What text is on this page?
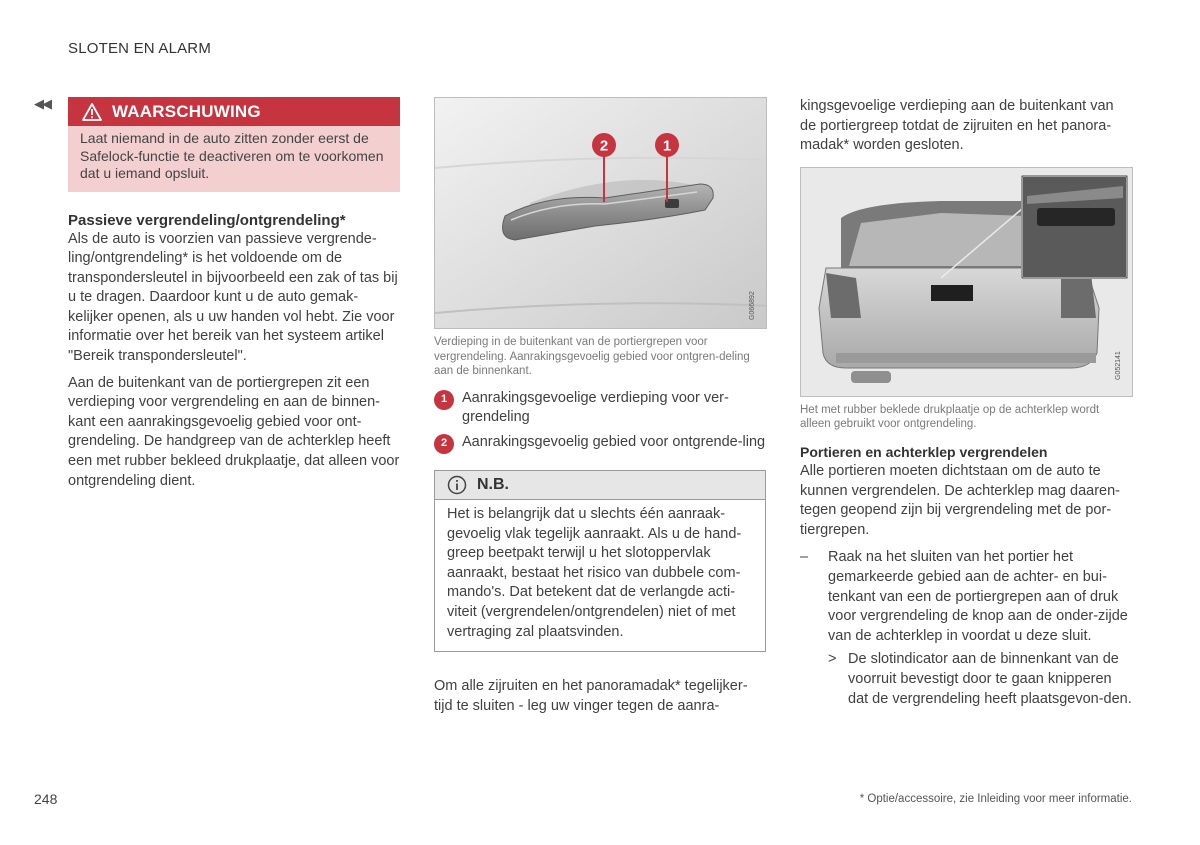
SLOTEN EN ALARM
◀◀	WAARSCHUWING
Laat niemand in de auto zitten zonder eerst de Safelock-functie te deactiveren om te voorkomen dat u iemand opsluit.
Passieve vergrendeling/ontgrendeling*

Als de auto is voorzien van passieve vergrende-ling/ontgrendeling* is het voldoende om de transpondersleutel in bijvoorbeeld een zak of tas bij u te dragen. Daardoor kunt u de auto gemak-kelijker openen, als u uw handen vol hebt. Zie voor informatie over het bereik van het systeem artikel "Bereik transpondersleutel".

Aan de buitenkant van de portiergrepen zit een verdieping voor vergrendeling en aan de binnen-kant een aanrakingsgevoelig gebied voor ont-grendeling. De handgreep van de achterklep heeft een met rubber bekleed drukplaatje, dat alleen voor ontgrendeling dient.

2	1
G066892
Verdieping in de buitenkant van de portiergrepen voor vergrendeling. Aanrakingsgevoelig gebied voor ontgren-deling aan de binnenkant.
1	Aanrakingsgevoelige verdieping voor ver-grendeling
2	Aanrakingsgevoelig gebied voor ontgrende-ling
N.B.
Het is belangrijk dat u slechts één aanraak-gevoelig vlak tegelijk aanraakt. Als u de hand-greep beetpakt terwijl u het slotoppervlak aanraakt, bestaat het risico van dubbele com-mando's. Dat betekent dat de verlangde acti-viteit (vergrendelen/ontgrendelen) niet of met vertraging zal plaatsvinden.

Om alle zijruiten en het panoramadak* tegelijker-tijd te sluiten - leg uw vinger tegen de aanra-

kingsgevoelige verdieping aan de buitenkant van de portiergreep totdat de zijruiten en het panora-madak* worden gesloten.

G052141
Het met rubber beklede drukplaatje op de achterklep wordt alleen gebruikt voor ontgrendeling.
Portieren en achterklep vergrendelen

Alle portieren moeten dichtstaan om de auto te kunnen vergrendelen. De achterklep mag daaren-tegen geopend zijn bij vergrendeling met de por-tiergrepen.

–	Raak na het sluiten van het portier het gemarkeerde gebied aan de achter- en bui-tenkant van een de portiergrepen aan of druk voor vergrendeling de knop aan de onder-zijde van de achterklep in voordat u deze sluit.
> De slotindicator aan de binnenkant van de voorruit bevestigt door te gaan knipperen dat de vergrendeling heeft plaatsgevon-den.
248	* Optie/accessoire, zie Inleiding voor meer informatie.
